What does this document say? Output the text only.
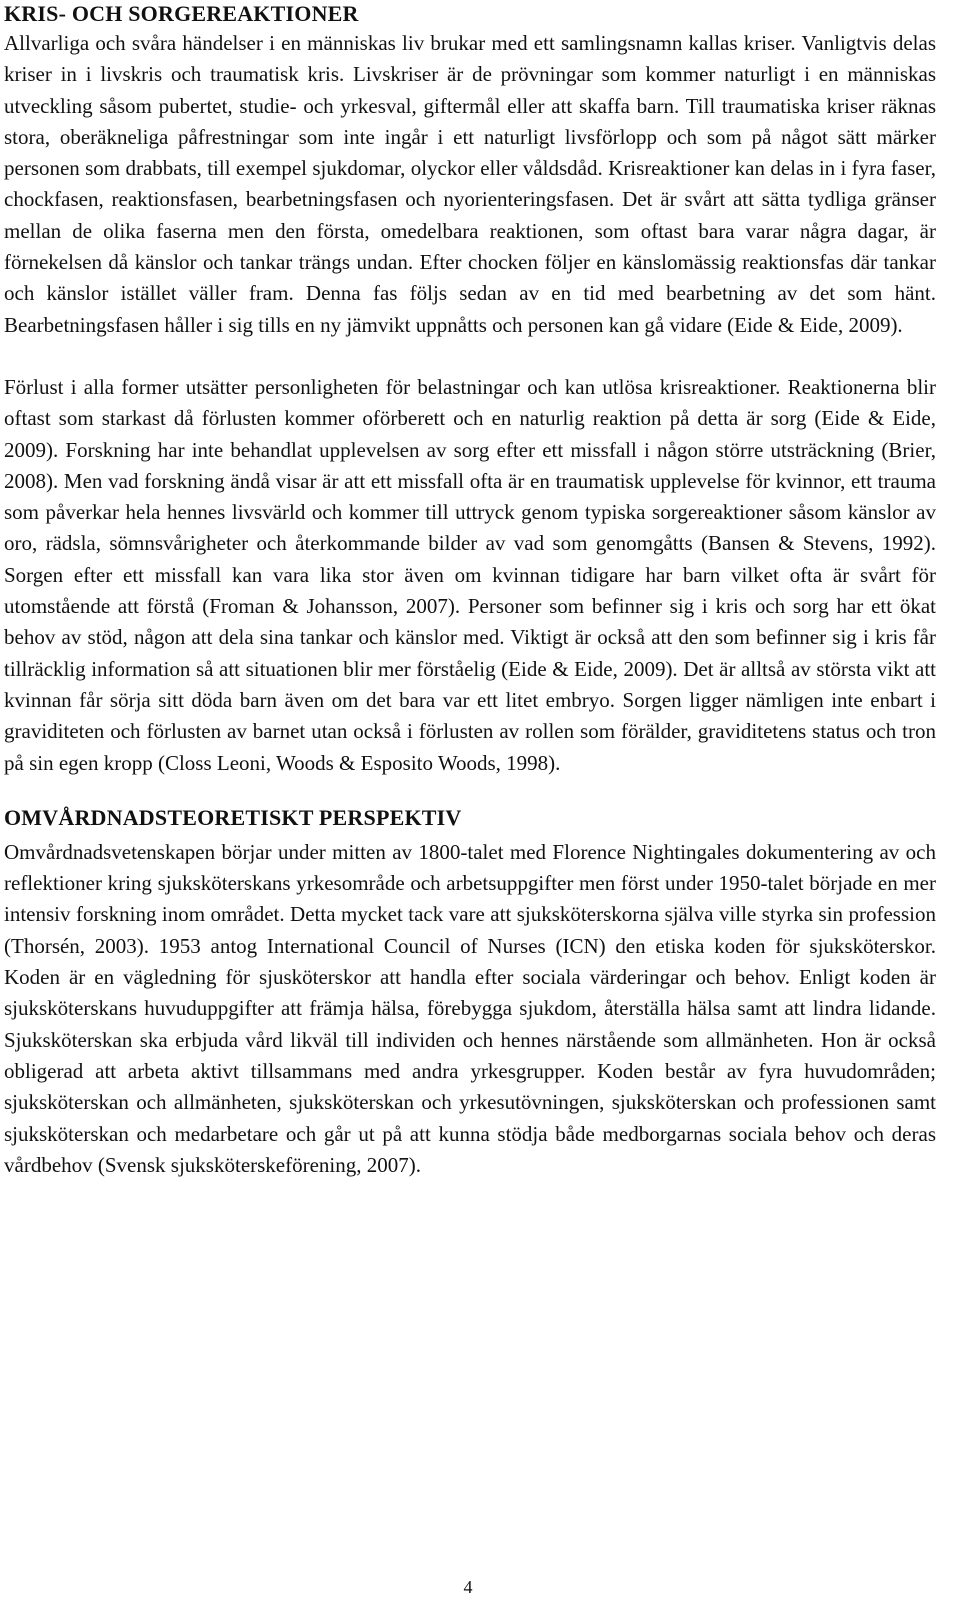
KRIS- OCH SORGEREAKTIONER

Allvarliga och svåra händelser i en människas liv brukar med ett samlingsnamn kallas kriser. Vanligtvis delas kriser in i livskris och traumatisk kris. Livskriser är de prövningar som kommer naturligt i en människas utveckling såsom pubertet, studie- och yrkesval, giftermål eller att skaffa barn. Till traumatiska kriser räknas stora, oberäkneliga påfrestningar som inte ingår i ett naturligt livsförlopp och som på något sätt märker personen som drabbats, till exempel sjukdomar, olyckor eller våldsdåd. Krisreaktioner kan delas in i fyra faser, chockfasen, reaktionsfasen, bearbetningsfasen och nyorienteringsfasen. Det är svårt att sätta tydliga gränser mellan de olika faserna men den första, omedelbara reaktionen, som oftast bara varar några dagar, är förnekelsen då känslor och tankar trängs undan. Efter chocken följer en känslomässig reaktionsfas där tankar och känslor istället väller fram. Denna fas följs sedan av en tid med bearbetning av det som hänt. Bearbetningsfasen håller i sig tills en ny jämvikt uppnåtts och personen kan gå vidare (Eide & Eide, 2009).

Förlust i alla former utsätter personligheten för belastningar och kan utlösa krisreaktioner. Reaktionerna blir oftast som starkast då förlusten kommer oförberett och en naturlig reaktion på detta är sorg (Eide & Eide, 2009). Forskning har inte behandlat upplevelsen av sorg efter ett missfall i någon större utsträckning (Brier, 2008). Men vad forskning ändå visar är att ett missfall ofta är en traumatisk upplevelse för kvinnor, ett trauma som påverkar hela hennes livsvärld och kommer till uttryck genom typiska sorgereaktioner såsom känslor av oro, rädsla, sömnsvårigheter och återkommande bilder av vad som genomgåtts (Bansen & Stevens, 1992). Sorgen efter ett missfall kan vara lika stor även om kvinnan tidigare har barn vilket ofta är svårt för utomstående att förstå (Froman & Johansson, 2007). Personer som befinner sig i kris och sorg har ett ökat behov av stöd, någon att dela sina tankar och känslor med. Viktigt är också att den som befinner sig i kris får tillräcklig information så att situationen blir mer förståelig (Eide & Eide, 2009). Det är alltså av största vikt att kvinnan får sörja sitt döda barn även om det bara var ett litet embryo. Sorgen ligger nämligen inte enbart i graviditeten och förlusten av barnet utan också i förlusten av rollen som förälder, graviditetens status och tron på sin egen kropp (Closs Leoni, Woods & Esposito Woods, 1998).

OMVÅRDNADSTEORETISKT PERSPEKTIV

Omvårdnadsvetenskapen börjar under mitten av 1800-talet med Florence Nightingales dokumentering av och reflektioner kring sjuksköterskans yrkesområde och arbetsuppgifter men först under 1950-talet började en mer intensiv forskning inom området. Detta mycket tack vare att sjuksköterskorna själva ville styrka sin profession (Thorsén, 2003). 1953 antog International Council of Nurses (ICN) den etiska koden för sjuksköterskor. Koden är en vägledning för sjusköterskor att handla efter sociala värderingar och behov. Enligt koden är sjuksköterskans huvuduppgifter att främja hälsa, förebygga sjukdom, återställa hälsa samt att lindra lidande. Sjuksköterskan ska erbjuda vård likväl till individen och hennes närstående som allmänheten. Hon är också obligerad att arbeta aktivt tillsammans med andra yrkesgrupper. Koden består av fyra huvudområden; sjuksköterskan och allmänheten, sjuksköterskan och yrkesutövningen, sjuksköterskan och professionen samt sjuksköterskan och medarbetare och går ut på att kunna stödja både medborgarnas sociala behov och deras vårdbehov (Svensk sjuksköterskeförening, 2007).

4
